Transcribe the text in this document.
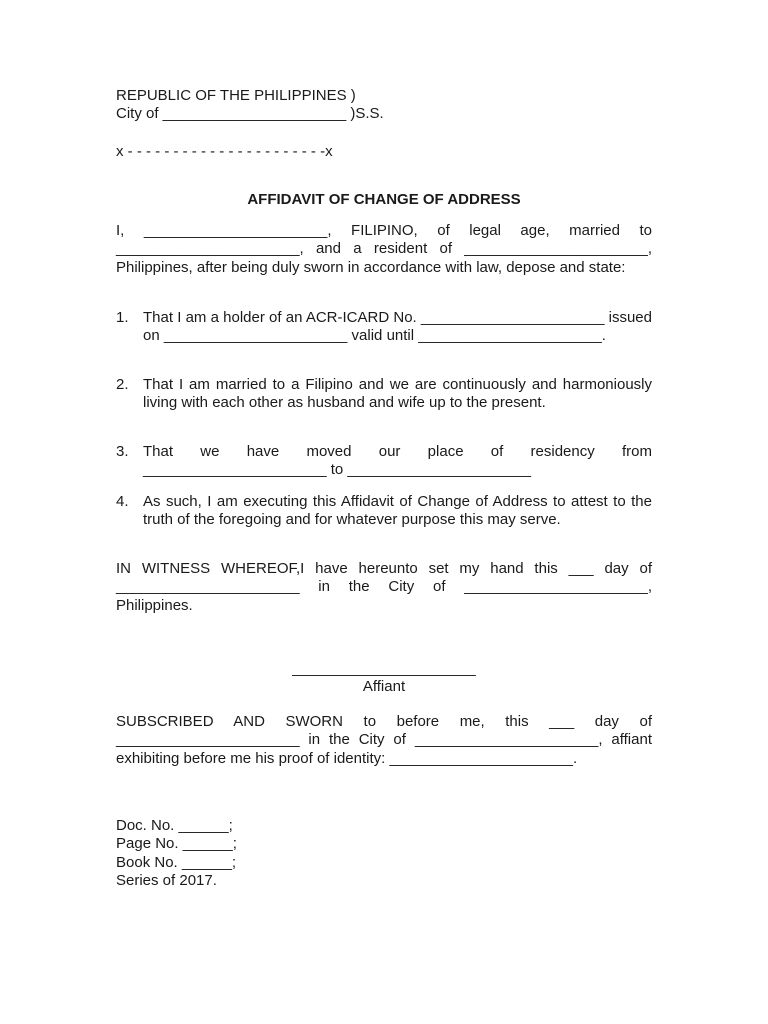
REPUBLIC OF THE PHILIPPINES )
City of ______________________ )S.S.
x - - - - - - - - - - - - - - - - - - - - - -x
AFFIDAVIT OF CHANGE OF ADDRESS

I, ______________________, FILIPINO, of legal age, married to ______________________, and a resident of ______________________, Philippines, after being duly sworn in accordance with law, depose and state:

1. That I am a holder of an ACR-ICARD No. ______________________ issued on ______________________ valid until ______________________.

2. That I am married to a Filipino and we are continuously and harmoniously living with each other as husband and wife up to the present.

3. That we have moved our place of residency from ______________________ to ______________________

4. As such, I am executing this Affidavit of Change of Address to attest to the truth of the foregoing and for whatever purpose this may serve.

IN WITNESS WHEREOF,I have hereunto set my hand this ___ day of ______________________ in the City of ______________________, Philippines.

______________________
Affiant

SUBSCRIBED AND SWORN to before me, this ___ day of ______________________ in the City of ______________________, affiant exhibiting before me his proof of identity: ______________________.

Doc. No. ______;
Page No. ______;
Book No. ______;
Series of 2017.
